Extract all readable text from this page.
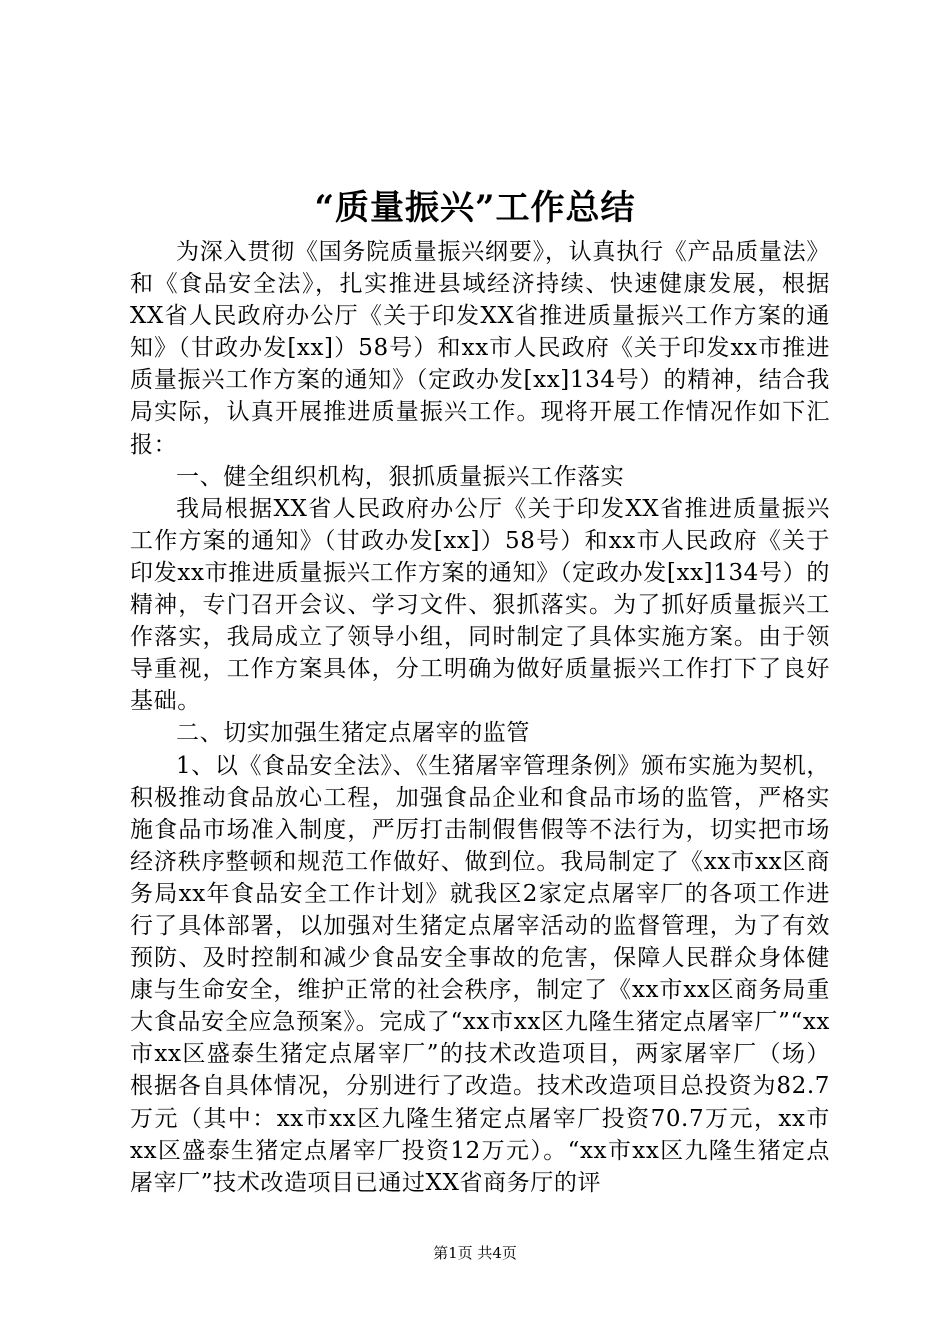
“质量振兴”工作总结

为深入贯彻《国务院质量振兴纲要》，认真执行《产品质量法》和《食品安全法》，扎实推进县域经济持续、快速健康发展，根据XX省人民政府办公厅《关于印发XX省推进质量振兴工作方案的通知》（甘政办发[xx]）58号）和xx市人民政府《关于印发xx市推进质量振兴工作方案的通知》（定政办发[xx]134号）的精神，结合我局实际，认真开展推进质量振兴工作。现将开展工作情况作如下汇报：

一、健全组织机构，狠抓质量振兴工作落实

我局根据XX省人民政府办公厅《关于印发XX省推进质量振兴工作方案的通知》（甘政办发[xx]）58号）和xx市人民政府《关于印发xx市推进质量振兴工作方案的通知》（定政办发[xx]134号）的精神，专门召开会议、学习文件、狠抓落实。为了抓好质量振兴工作落实，我局成立了领导小组，同时制定了具体实施方案。由于领导重视，工作方案具体，分工明确为做好质量振兴工作打下了良好基础。

二、切实加强生猪定点屠宰的监管

1、以《食品安全法》、《生猪屠宰管理条例》颁布实施为契机，积极推动食品放心工程，加强食品企业和食品市场的监管，严格实施食品市场准入制度，严厉打击制假售假等不法行为，切实把市场经济秩序整顿和规范工作做好、做到位。我局制定了《xx市xx区商务局xx年食品安全工作计划》就我区2家定点屠宰厂的各项工作进行了具体部署，以加强对生猪定点屠宰活动的监督管理，为了有效预防、及时控制和减少食品安全事故的危害，保障人民群众身体健康与生命安全，维护正常的社会秩序，制定了《xx市xx区商务局重大食品安全应急预案》。完成了“xx市xx区九隆生猪定点屠宰厂”“xx市xx区盛泰生猪定点屠宰厂”的技术改造项目，两家屠宰厂（场）根据各自具体情况，分别进行了改造。技术改造项目总投资为82.7万元（其中：xx市xx区九隆生猪定点屠宰厂投资70.7万元，xx市xx区盛泰生猪定点屠宰厂投资12万元）。“xx市xx区九隆生猪定点屠宰厂”技术改造项目已通过XX省商务厅的评

第1页 共4页
